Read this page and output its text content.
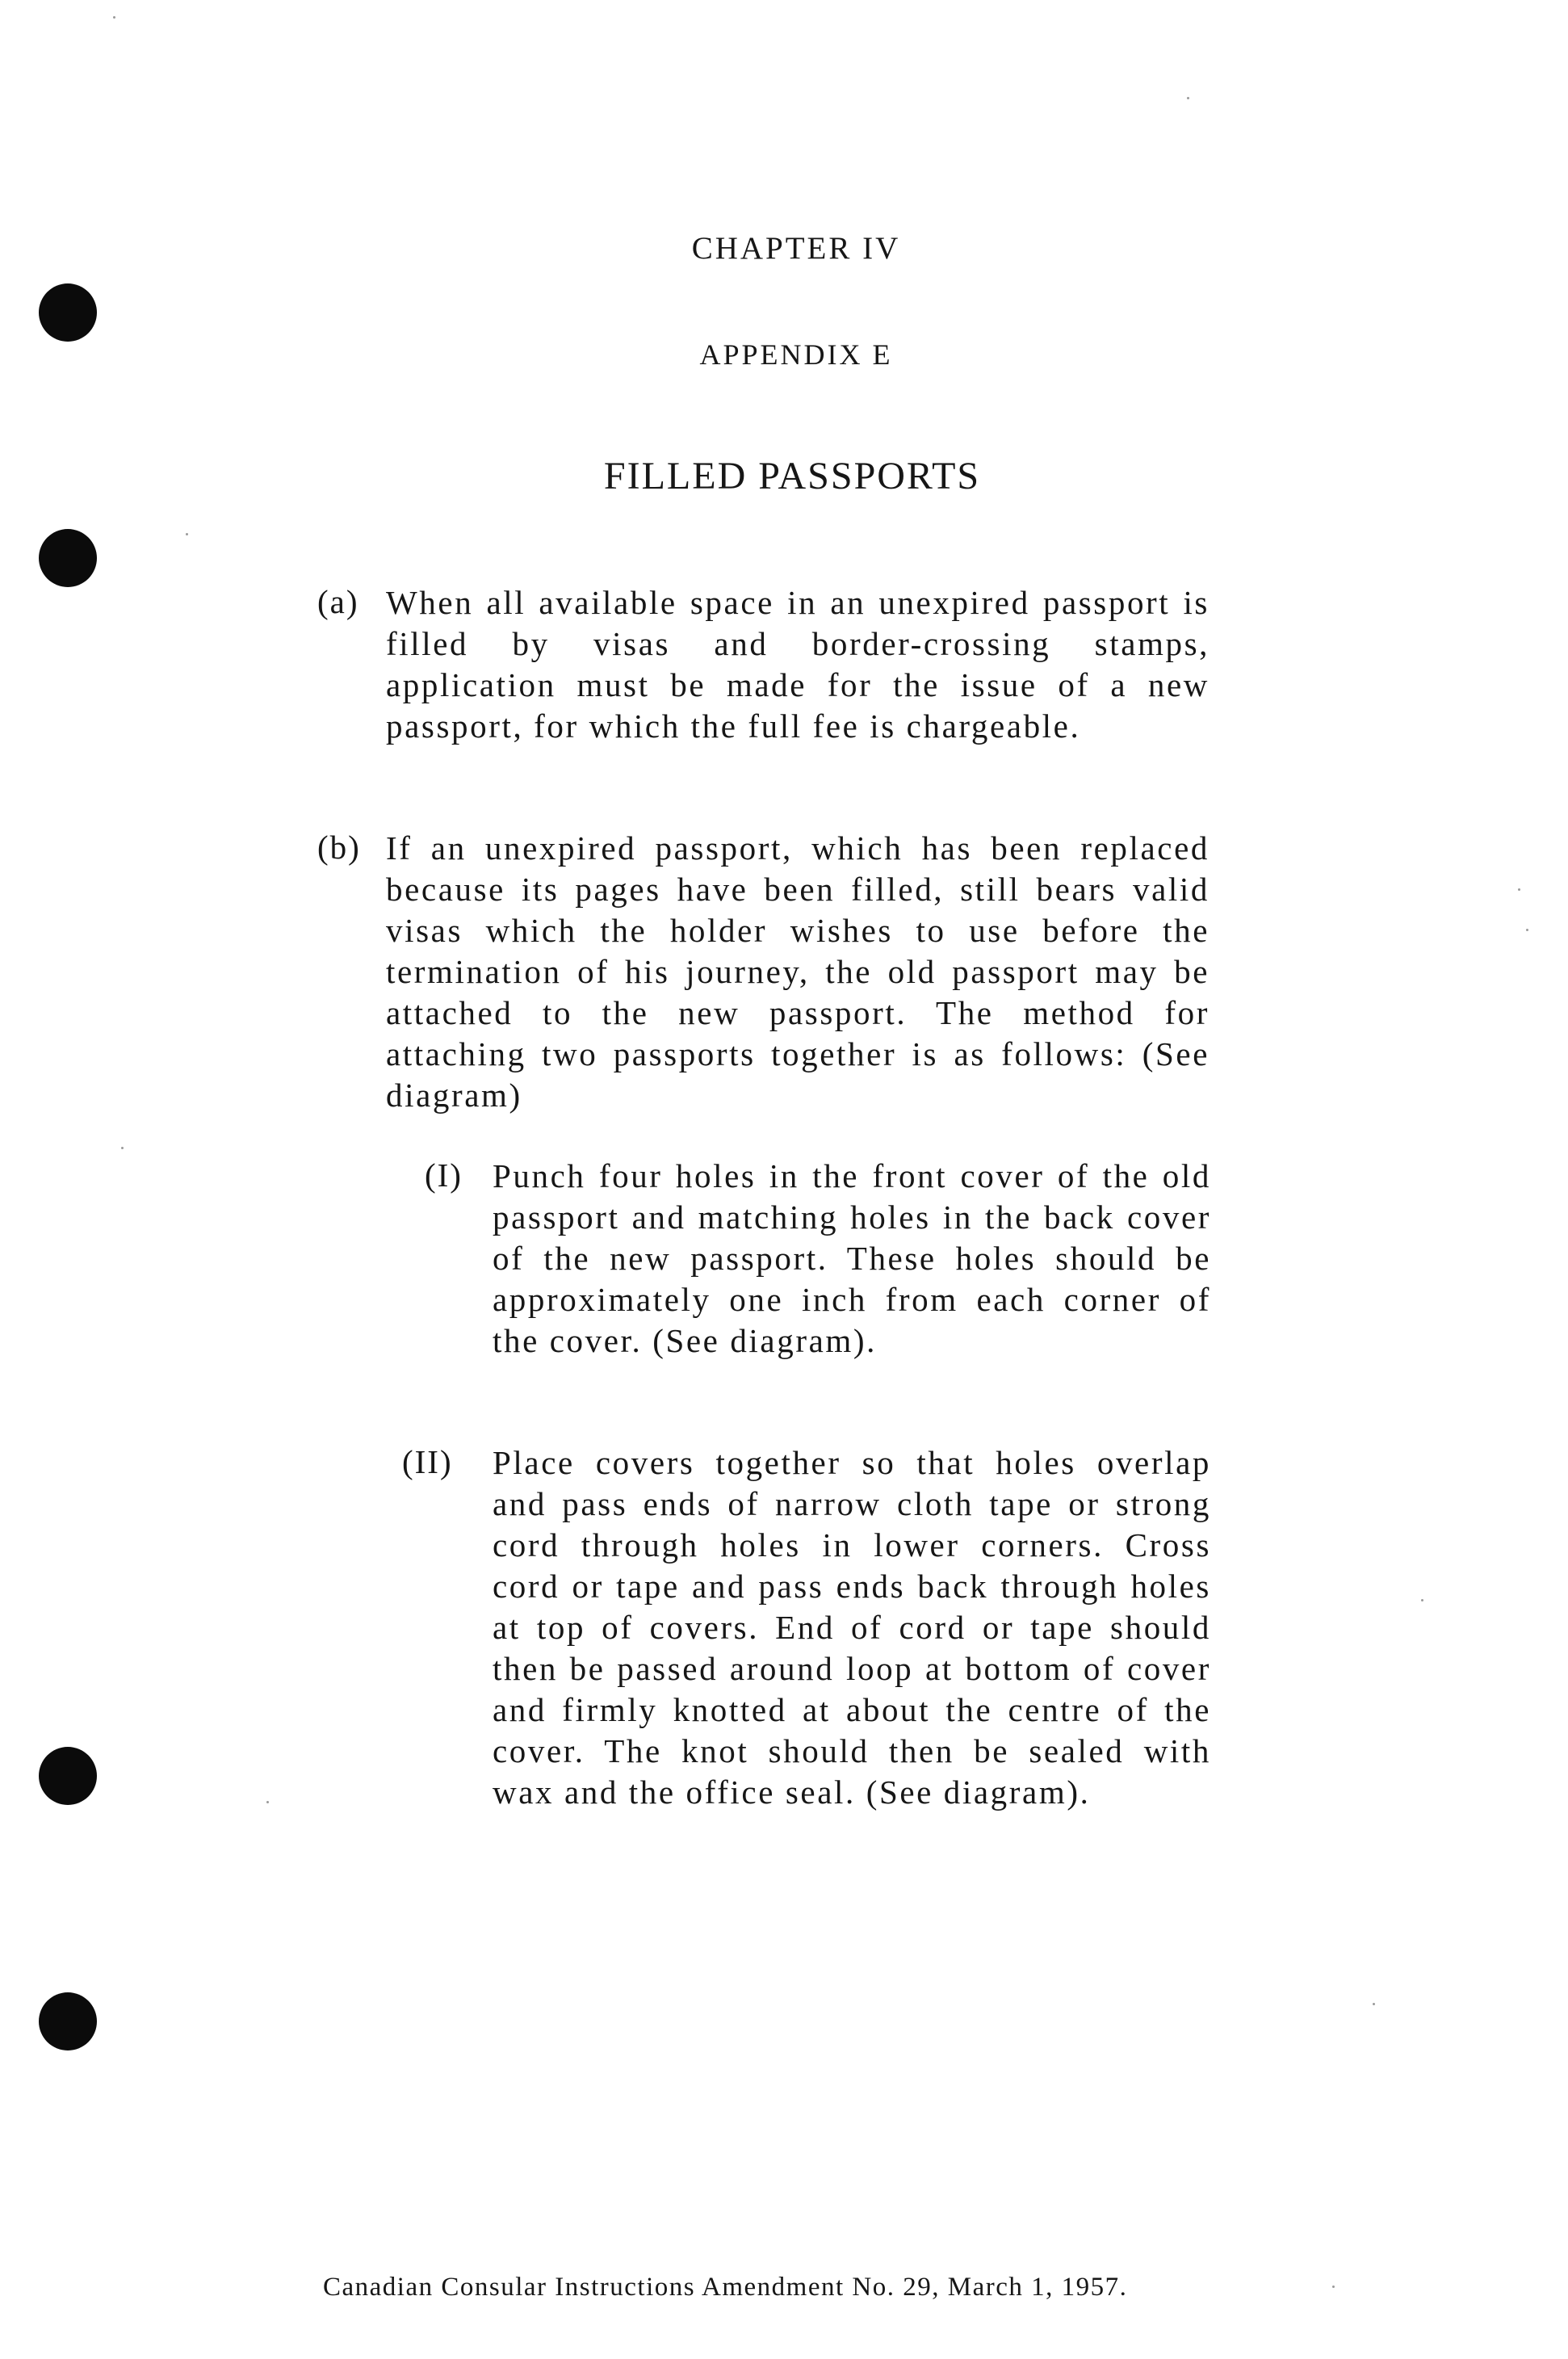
CHAPTER IV
APPENDIX E
FILLED PASSPORTS
(a) When all available space in an unexpired passport is filled by visas and border-crossing stamps, application must be made for the issue of a new passport, for which the full fee is chargeable.
(b) If an unexpired passport, which has been replaced because its pages have been filled, still bears valid visas which the holder wishes to use before the termination of his journey, the old passport may be attached to the new passport. The method for attaching two passports together is as follows: (See diagram)
(I) Punch four holes in the front cover of the old passport and matching holes in the back cover of the new passport. These holes should be approximately one inch from each corner of the cover. (See diagram).
(II) Place covers together so that holes overlap and pass ends of narrow cloth tape or strong cord through holes in lower corners. Cross cord or tape and pass ends back through holes at top of covers. End of cord or tape should then be passed around loop at bottom of cover and firmly knotted at about the centre of the cover. The knot should then be sealed with wax and the office seal. (See diagram).
Canadian Consular Instructions Amendment No. 29, March 1, 1957.
